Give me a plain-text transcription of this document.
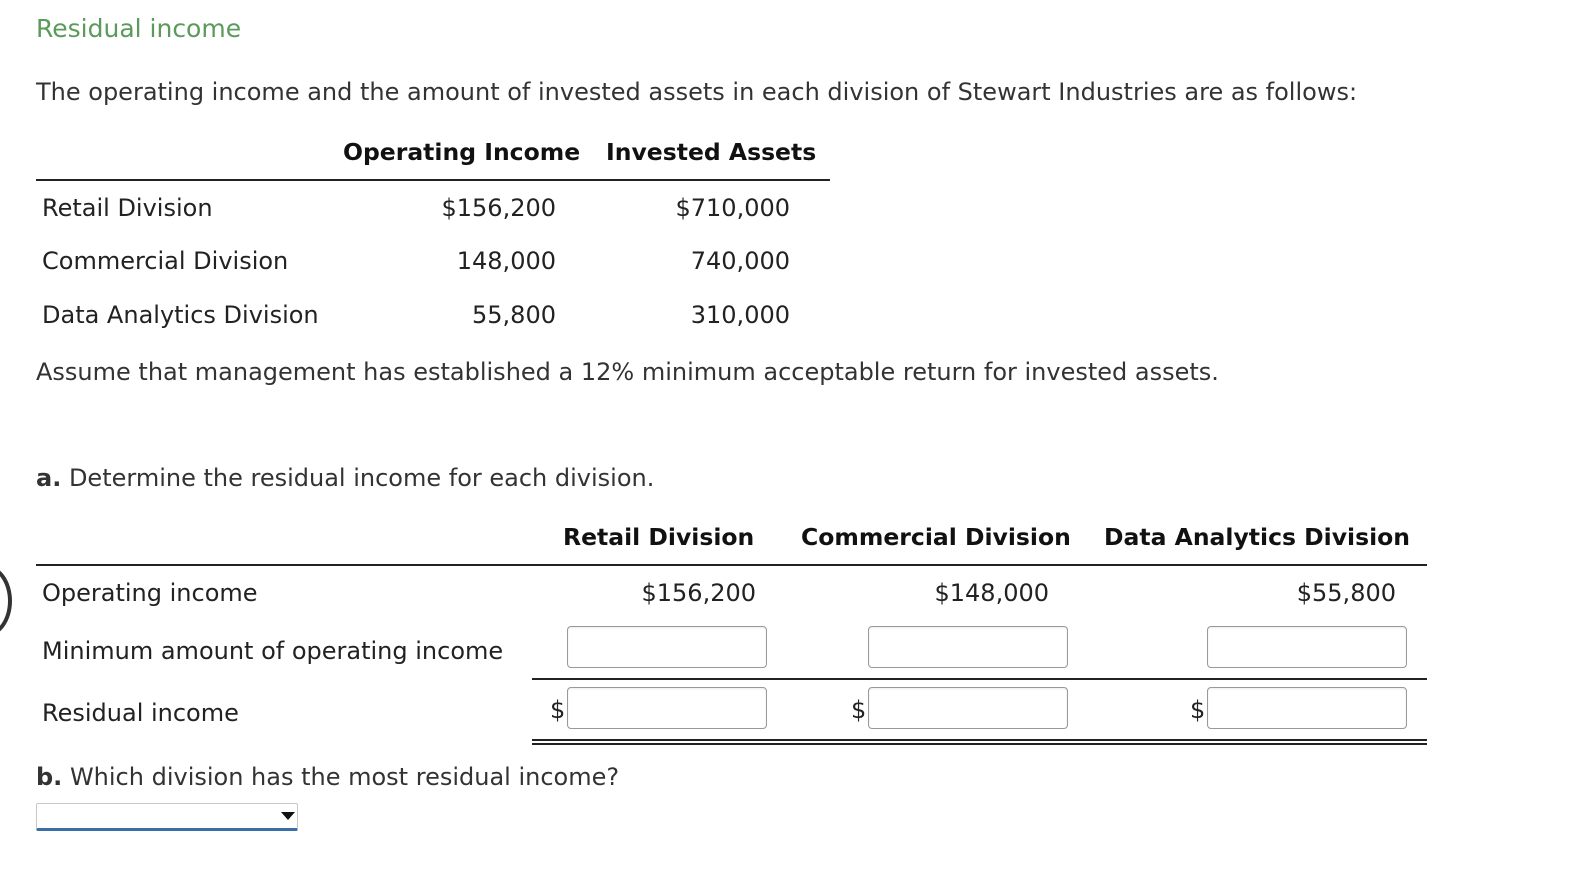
Residual income
The operating income and the amount of invested assets in each division of Stewart Industries are as follows:
Operating Income Invested Assets
Retail Division	$156,200	$710,000
Commercial Division	148,000	740,000
Data Analytics Division	55,800	310,000
Assume that management has established a 12% minimum acceptable return for invested assets.
a. Determine the residual income for each division.
Retail Division Commercial Division Data Analytics Division
Operating income	$156,200	$148,000	$55,800
Minimum amount of operating income
Residual income	$	$	$
b. Which division has the most residual income?
